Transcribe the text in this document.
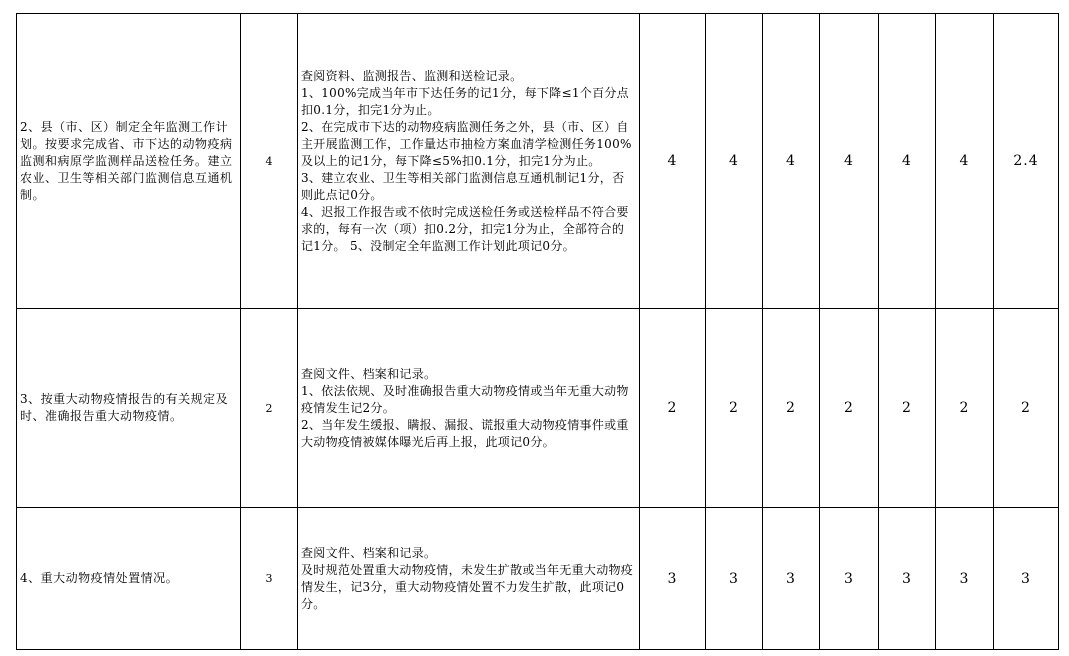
2、县（市、区）制定全年监测工作计划。按要求完成省、市下达的动物疫病监测和病原学监测样品送检任务。建立农业、卫生等相关部门监测信息互通机制。	4	查阅资料、监测报告、监测和送检记录。
1、100%完成当年市下达任务的记1分，每下降≤1个百分点扣0.1分，扣完1分为止。
2、在完成市下达的动物疫病监测任务之外，县（市、区）自主开展监测工作，工作量达市抽检方案血清学检测任务100%及以上的记1分，每下降≤5%扣0.1分，扣完1分为止。
3、建立农业、卫生等相关部门监测信息互通机制记1分，否则此点记0分。
4、迟报工作报告或不依时完成送检任务或送检样品不符合要求的，每有一次（项）扣0.2分，扣完1分为止，全部符合的记1分。 5、没制定全年监测工作计划此项记0分。	4	4	4	4	4	4	2.4
3、按重大动物疫情报告的有关规定及时、准确报告重大动物疫情。	2	查阅文件、档案和记录。
1、依法依规、及时准确报告重大动物疫情或当年无重大动物疫情发生记2分。
2、当年发生缓报、瞒报、漏报、谎报重大动物疫情事件或重大动物疫情被媒体曝光后再上报，此项记0分。	2	2	2	2	2	2	2
4、重大动物疫情处置情况。	3	查阅文件、档案和记录。
及时规范处置重大动物疫情，未发生扩散或当年无重大动物疫情发生，记3分，重大动物疫情处置不力发生扩散，此项记0分。	3	3	3	3	3	3	3
